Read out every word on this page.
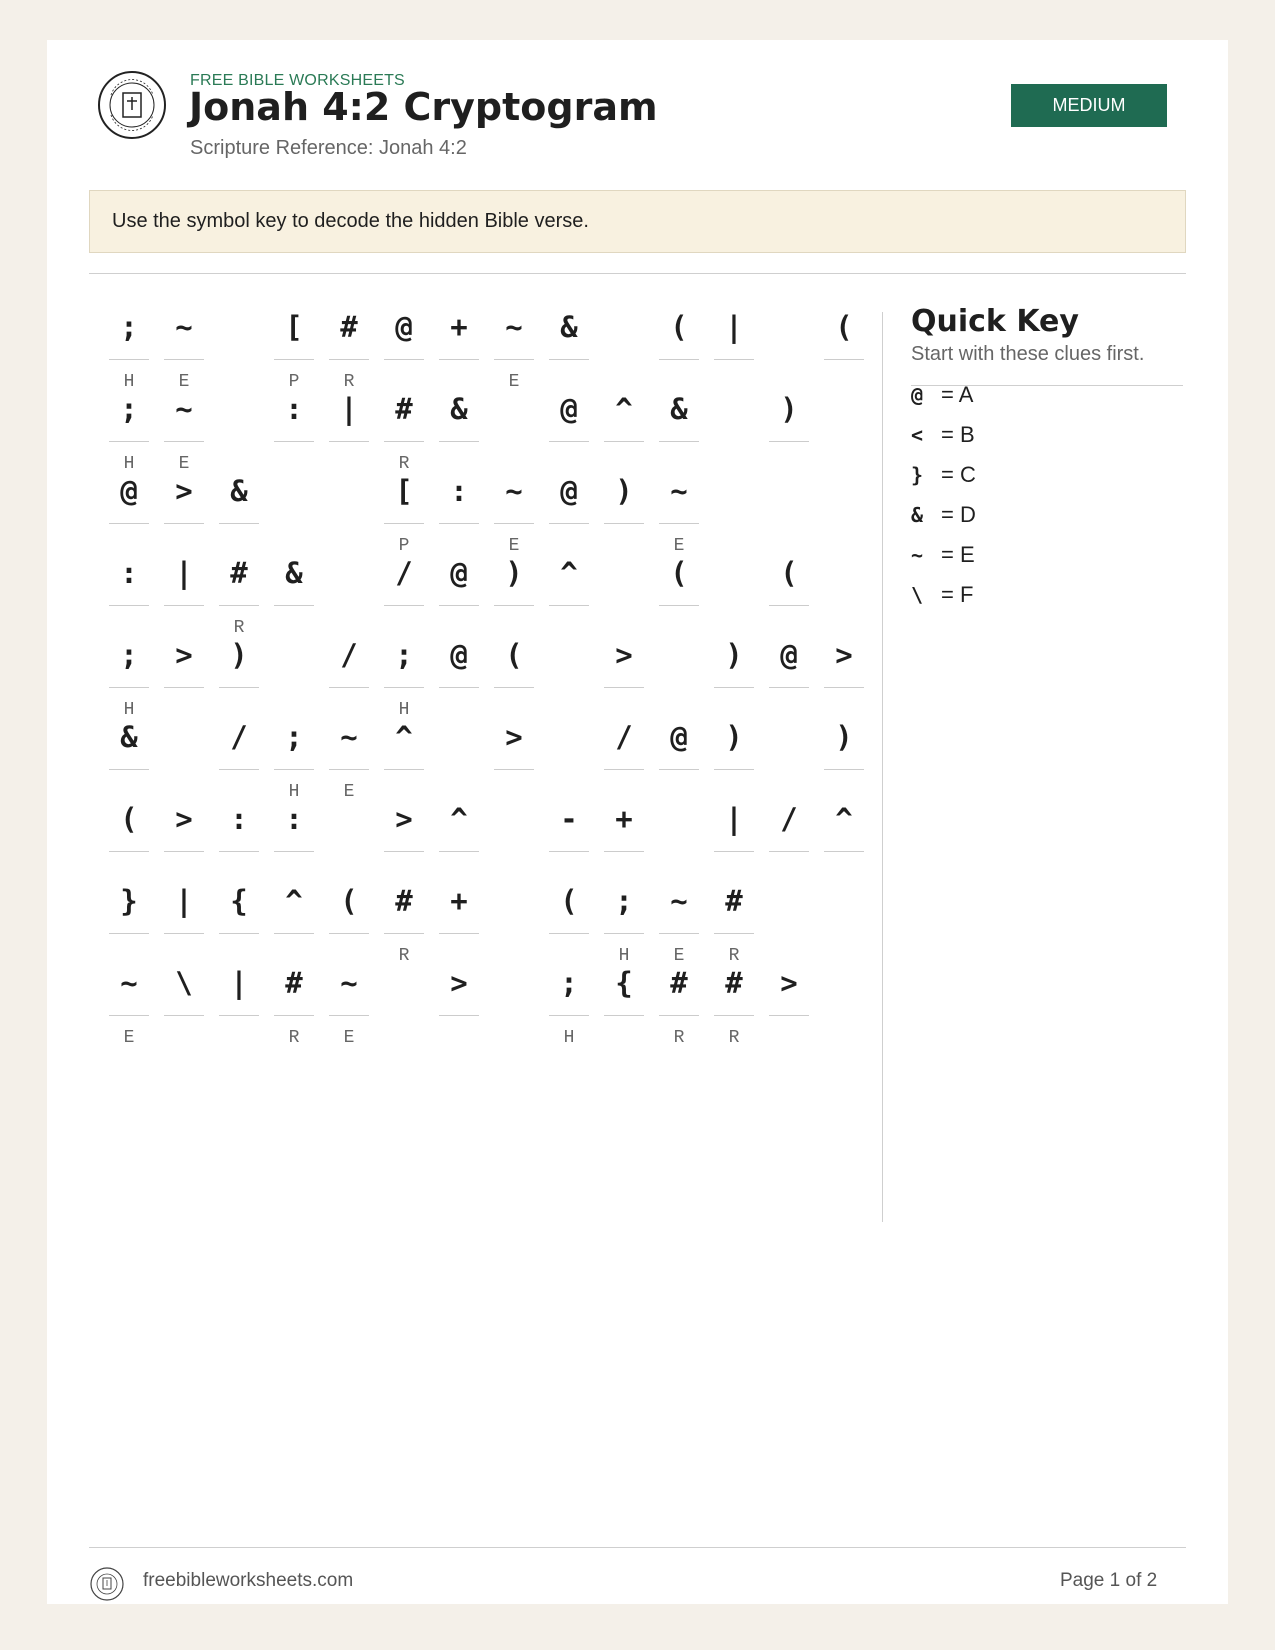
FREE BIBLE WORKSHEETS
Jonah 4:2 Cryptogram
Scripture Reference: Jonah 4:2
MEDIUM
Use the symbol key to decode the hidden Bible verse.
;
H
~
E
[
P
#
R
@	+	~
E
&	(	|	(
;
H
~
E
:	|	#
R
&	@	^	&	)
@	>	&	[
P
:	~
E
@	)	~
E
:	|	#
R
&	/	@	)	^	(	(
;
H
>	)	/	;
H
@	(	>	)	@	>
&	/	;
H
~
E
^	>	/	@	)	)
(	>	:	:	>	^	-	+	|	/	^
}	|	{	^	(	#
R
+	(	;
H
~
E
#
R
~
E
\	|	#
R
~
E
>	;
H
{	#
R
#
R
>
Quick Key
Start with these clues first.
@ = A
< = B
} = C
& = D
~ = E
\ = F
freebibleworksheets.com	Page 1 of 2
